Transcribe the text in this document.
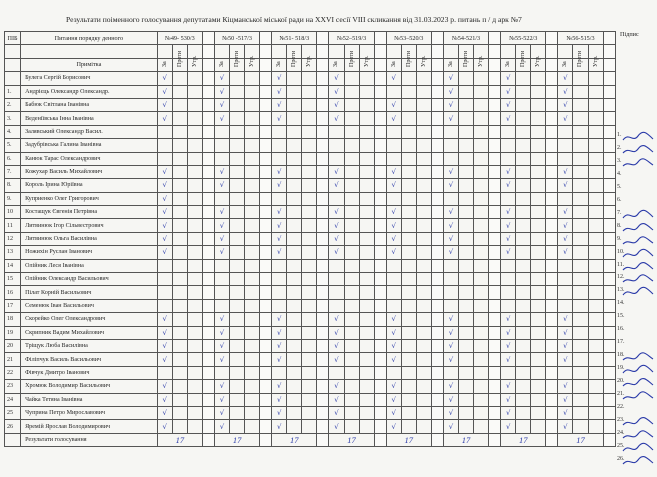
Результати поіменного голосування депутатами Кіцманської міської ради на XXVI сесії VIII скликання від 31.03.2023 р. питань п / д арк №7
ПІБ	Питання порядку денного	№49- 530/3				№50 -517/3				№51- 518/3				№52–519/3				№53–520/3				№54-521/3				№55-522/3				№56-515/3			

		За	Проти	Утр.		За	Проти	Утр.		За	Проти	Утр.		За	Проти	Утр.		За	Проти	Утр.		За	Проти	Утр.		За	Проти	Утр.		За	Проти	Утр.	

	Примітка																																
	Булега Сергій Борисович	√				√				√				√				√				√				√				√			
1.	Андрієць Олександр Олександр.	√				√				√				√								√				√				√			
2.	Бабюк Світлана Іванівна	√				√				√				√				√				√				√				√			
3.	Веденіївська Інна Іванівна	√				√				√				√				√				√				√				√			
4.	Залявський Олександр Васил.																																
5.	Задубрівська Галина Іванівна																																
6.	Канюк Тарас Олександрович																																
7.	Кожухар Василь Михайлович	√				√				√				√				√				√				√				√			
8.	Король Ірина Юріївна	√				√				√				√				√				√				√				√			
9.	Куприенко Олег Григорович	√																															
10	Костащук Євгенія Петрівна	√				√				√				√				√				√				√				√			
11	Литвинюк Ігор Сільвестрович	√				√				√				√				√				√				√				√			
12	Литвинюк Ольга Василівна	√				√				√				√				√				√				√				√			
13	Ножихін Руслан Іванович	√				√				√				√				√				√				√				√			
14	Олійник Леся Іванівна																																
15	Олійник Олександр Васильович																																
16	Пілат Корній Васильович																																
17	Семенюк Іван Васильович																																
18	Скорейко Олег Олександрович	√				√				√				√				√				√				√				√			
19	Скрипник Вадим Михайлович	√				√				√				√				√				√				√				√			
20	Тріщук Люба Василівна	√				√				√				√				√				√				√				√			
21	Філіпчук Василь Васильович	√				√				√				√				√				√				√				√			
22	Фівчук Дмитро Іванович																																
23	Хромюк Володимир Васильович	√				√				√				√				√				√				√				√			
24	Чайка Тетяна Іванівна	√				√				√				√				√				√				√				√			
25	Чуприна Петро Мирославович	√				√				√				√				√				√				√				√			
26	Яремій Ярослав Володимирович	√				√				√				√				√				√				√				√			
	Результати голосування	17				17				17				17				17				17				17				17			
Підпис
1.
2.
3.
4.
5.
6.
7.
8.
9.
10.
11.
12.
13.
14.
15.
16.
17.
18.
19.
20.
21.
22.
23.
24.
25.
26.
